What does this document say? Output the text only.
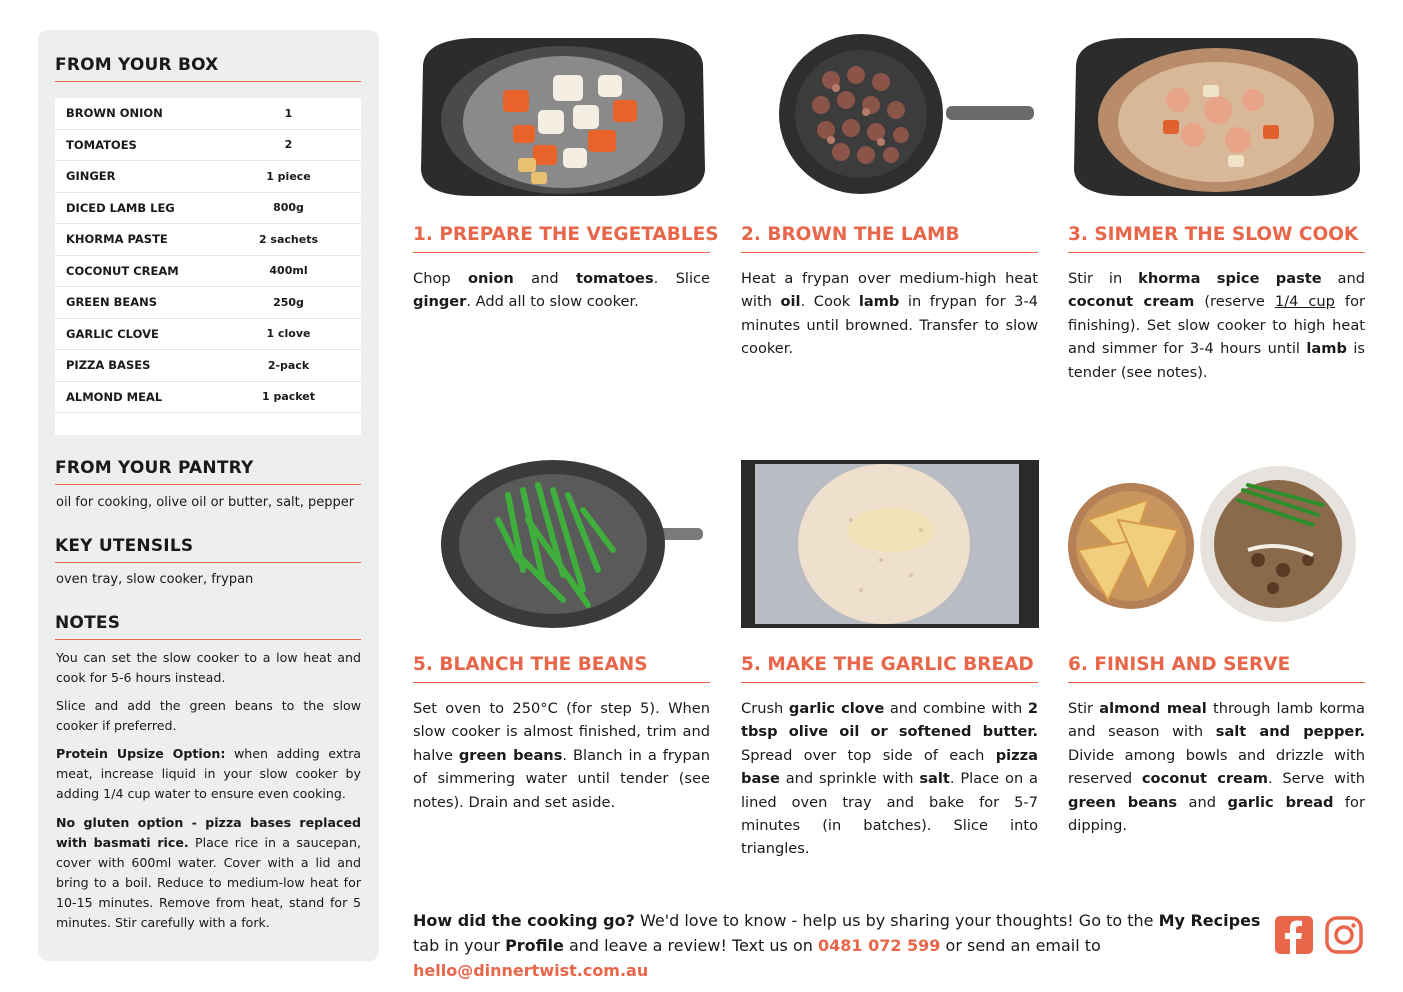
FROM YOUR BOX
BROWN ONION	1
TOMATOES	2
GINGER	1 piece
DICED LAMB LEG	800g
KHORMA PASTE	2 sachets
COCONUT CREAM	400ml
GREEN BEANS	250g
GARLIC CLOVE	1 clove
PIZZA BASES	2-pack
ALMOND MEAL	1 packet
FROM YOUR PANTRY

oil for cooking, olive oil or butter, salt, pepper

KEY UTENSILS

oven tray, slow cooker, frypan

NOTES

You can set the slow cooker to a low heat and cook for 5-6 hours instead.

Slice and add the green beans to the slow cooker if preferred.

Protein Upsize Option: when adding extra meat, increase liquid in your slow cooker by adding 1/4 cup water to ensure even cooking.

No gluten option - pizza bases replaced with basmati rice. Place rice in a saucepan, cover with 600ml water. Cover with a lid and bring to a boil. Reduce to medium-low heat for 10-15 minutes. Remove from heat, stand for 5 minutes. Stir carefully with a fork.

1. PREPARE THE VEGETABLES

Chop onion and tomatoes. Slice ginger. Add all to slow cooker.

2. BROWN THE LAMB

Heat a frypan over medium-high heat with oil. Cook lamb in frypan for 3-4 minutes until browned. Transfer to slow cooker.

3. SIMMER THE SLOW COOK

Stir in khorma spice paste and coconut cream (reserve 1/4 cup for finishing). Set slow cooker to high heat and simmer for 3-4 hours until lamb is tender (see notes).

5. BLANCH THE BEANS

Set oven to 250°C (for step 5). When slow cooker is almost finished, trim and halve green beans. Blanch in a frypan of simmering water until tender (see notes). Drain and set aside.

5. MAKE THE GARLIC BREAD

Crush garlic clove and combine with 2 tbsp olive oil or softened butter. Spread over top side of each pizza base and sprinkle with salt. Place on a lined oven tray and bake for 5-7 minutes (in batches). Slice into triangles.

6. FINISH AND SERVE

Stir almond meal through lamb korma and season with salt and pepper. Divide among bowls and drizzle with reserved coconut cream. Serve with green beans and garlic bread for dipping.

How did the cooking go? We'd love to know - help us by sharing your thoughts! Go to the My Recipes tab in your Profile and leave a review! Text us on 0481 072 599 or send an email to hello@dinnertwist.com.au
